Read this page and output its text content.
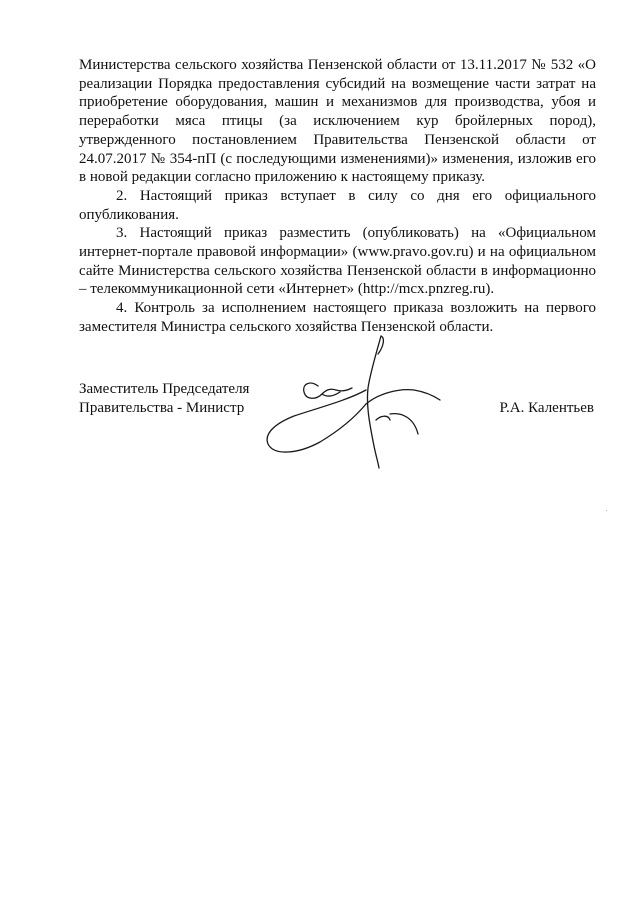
Министерства сельского хозяйства Пензенской области от 13.11.2017 № 532 «О реализации Порядка предоставления субсидий на возмещение части затрат на приобретение оборудования, машин и механизмов для производства, убоя и переработки мяса птицы (за исключением кур бройлерных пород), утвержденного постановлением Правительства Пензенской области от 24.07.2017 № 354-пП (с последующими изменениями)» изменения, изложив его в новой редакции согласно приложению к настоящему приказу.

2. Настоящий приказ вступает в силу со дня его официального опубликования.

3. Настоящий приказ разместить (опубликовать) на «Официальном интернет-портале правовой информации» (www.pravo.gov.ru) и на официальном сайте Министерства сельского хозяйства Пензенской области в информационно – телекоммуникационной сети «Интернет» (http://mcx.pnzreg.ru).

4. Контроль за исполнением настоящего приказа возложить на первого заместителя Министра сельского хозяйства Пензенской области.

Заместитель Председателя
Правительства - Министр	Р.А. Калентьев
